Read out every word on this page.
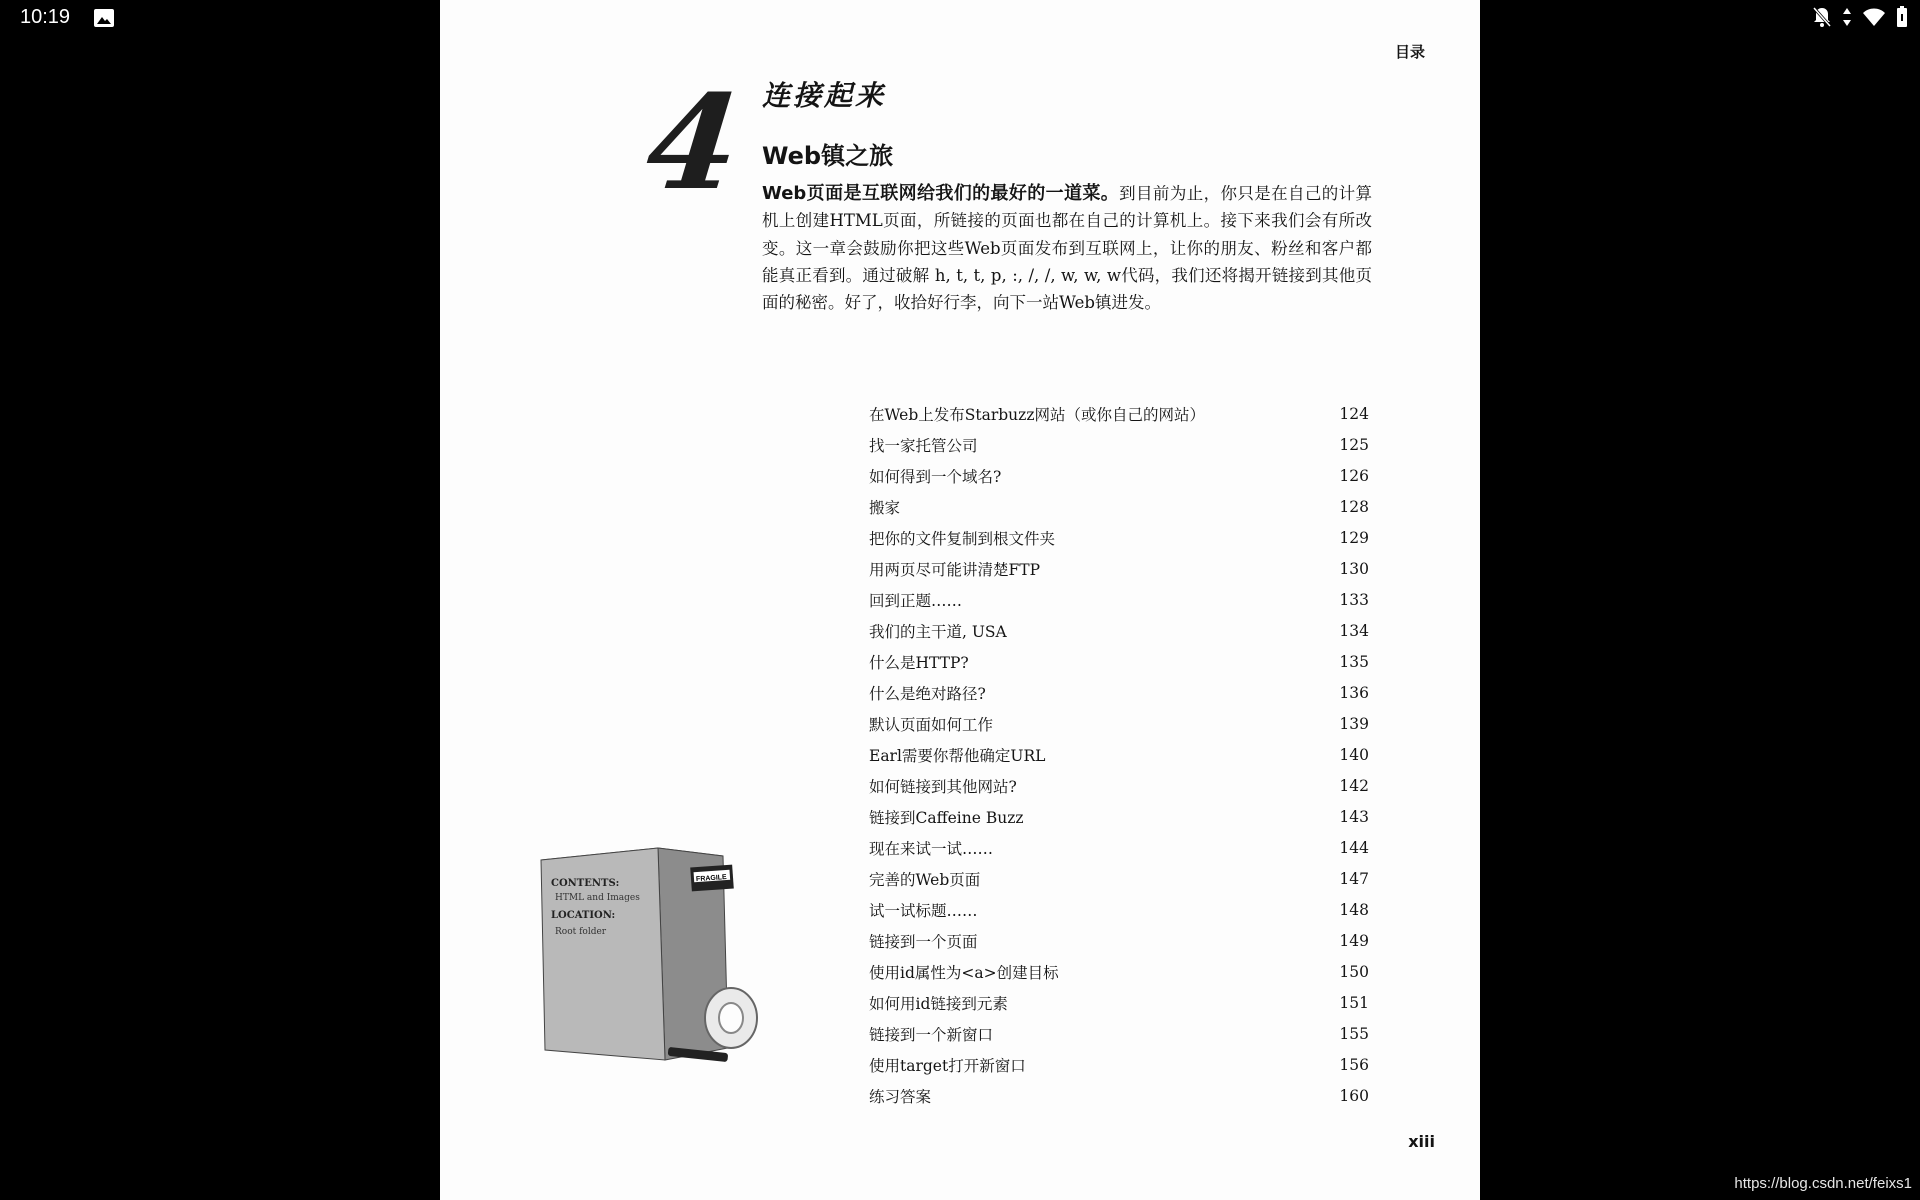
10:19
目录
4 连接起来
Web镇之旅
Web页面是互联网给我们的最好的一道菜。到目前为止，你只是在自己的计算机上创建HTML页面，所链接的页面也都在自己的计算机上。接下来我们会有所改变。这一章会鼓励你把这些Web页面发布到互联网上，让你的朋友、粉丝和客户都能真正看到。通过破解 h, t, t, p, :, /, /, w, w, w代码，我们还将揭开链接到其他页面的秘密。好了，收拾好行李，向下一站Web镇进发。
在Web上发布Starbuzz网站（或你自己的网站）	124
找一家托管公司	125
如何得到一个域名?	126
搬家	128
把你的文件复制到根文件夹	129
用两页尽可能讲清楚FTP	130
回到正题……	133
我们的主干道, USA	134
什么是HTTP?	135
什么是绝对路径?	136
默认页面如何工作	139
Earl需要你帮他确定URL	140
如何链接到其他网站?	142
链接到Caffeine Buzz	143
现在来试一试……	144
完善的Web页面	147
试一试标题……	148
链接到一个页面	149
使用id属性为<a>创建目标	150
如何用id链接到元素	151
链接到一个新窗口	155
使用target打开新窗口	156
练习答案	160
FRAGILE
CONTENTS:
HTML and Images
LOCATION:
Root folder
xiii
https://blog.csdn.net/feixs1
